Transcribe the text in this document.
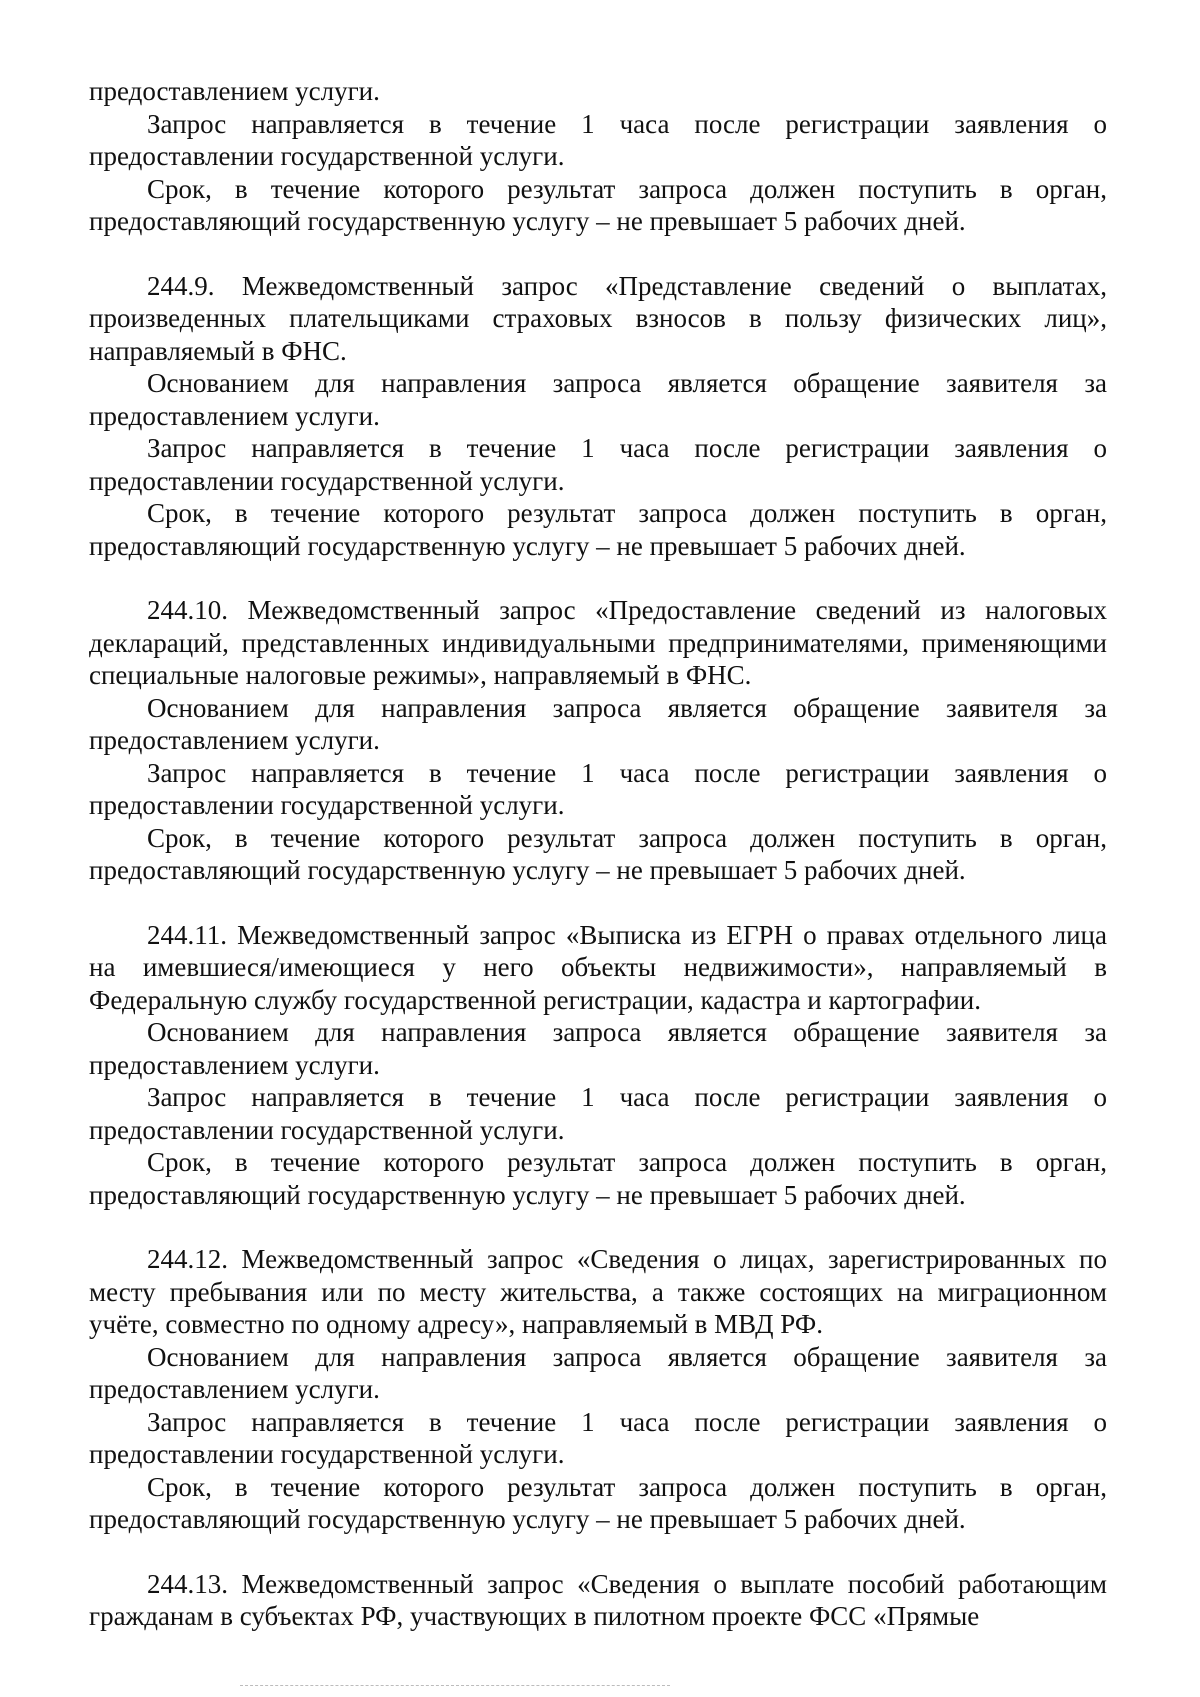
предоставлением услуги.

Запрос направляется в течение 1 часа после регистрации заявления о предоставлении государственной услуги.

Срок, в течение которого результат запроса должен поступить в орган, предоставляющий государственную услугу – не превышает 5 рабочих дней.

244.9. Межведомственный запрос «Представление сведений о выплатах, произведенных плательщиками страховых взносов в пользу физических лиц», направляемый в ФНС.

Основанием для направления запроса является обращение заявителя за предоставлением услуги.

Запрос направляется в течение 1 часа после регистрации заявления о предоставлении государственной услуги.

Срок, в течение которого результат запроса должен поступить в орган, предоставляющий государственную услугу – не превышает 5 рабочих дней.

244.10. Межведомственный запрос «Предоставление сведений из налоговых деклараций, представленных индивидуальными предпринимателями, применяющими специальные налоговые режимы», направляемый в ФНС.

Основанием для направления запроса является обращение заявителя за предоставлением услуги.

Запрос направляется в течение 1 часа после регистрации заявления о предоставлении государственной услуги.

Срок, в течение которого результат запроса должен поступить в орган, предоставляющий государственную услугу – не превышает 5 рабочих дней.

244.11. Межведомственный запрос «Выписка из ЕГРН о правах отдельного лица на имевшиеся/имеющиеся у него объекты недвижимости», направляемый в Федеральную службу государственной регистрации, кадастра и картографии.

Основанием для направления запроса является обращение заявителя за предоставлением услуги.

Запрос направляется в течение 1 часа после регистрации заявления о предоставлении государственной услуги.

Срок, в течение которого результат запроса должен поступить в орган, предоставляющий государственную услугу – не превышает 5 рабочих дней.

244.12. Межведомственный запрос «Сведения о лицах, зарегистрированных по месту пребывания или по месту жительства, а также состоящих на миграционном учёте, совместно по одному адресу», направляемый в МВД РФ.

Основанием для направления запроса является обращение заявителя за предоставлением услуги.

Запрос направляется в течение 1 часа после регистрации заявления о предоставлении государственной услуги.

Срок, в течение которого результат запроса должен поступить в орган, предоставляющий государственную услугу – не превышает 5 рабочих дней.

244.13. Межведомственный запрос «Сведения о выплате пособий работающим гражданам в субъектах РФ, участвующих в пилотном проекте ФСС «Прямые
